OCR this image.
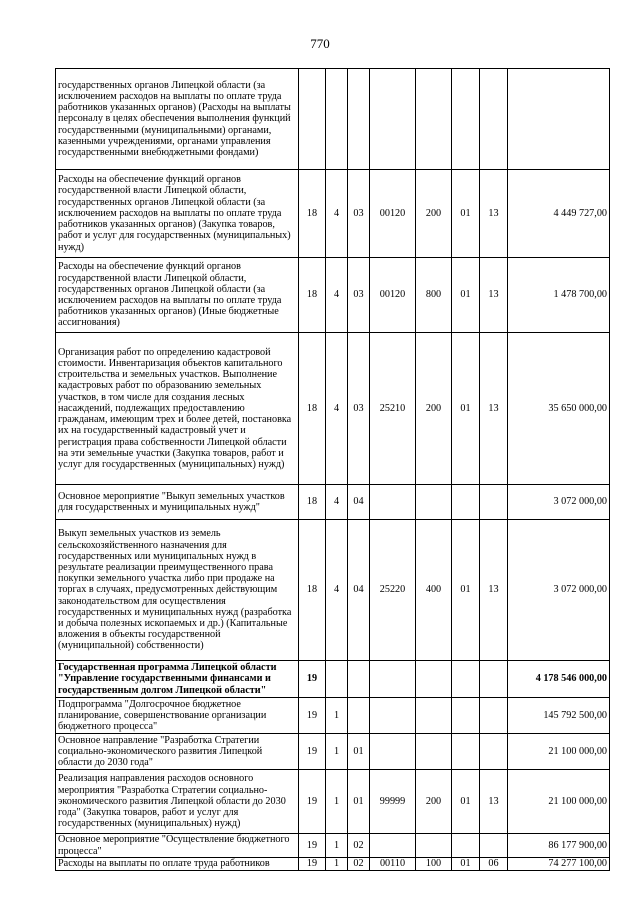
770
государственных органов Липецкой области (за исключением расходов на выплаты по оплате труда работников указанных органов) (Расходы на выплаты персоналу в целях обеспечения выполнения функций государственными (муниципальными) органами, казенными учреждениями, органами управления государственными внебюджетными фондами)								
Расходы на обеспечение функций органов государственной власти Липецкой области, государственных органов Липецкой области (за исключением расходов на выплаты по оплате труда работников указанных органов) (Закупка товаров, работ и услуг для государственных (муниципальных) нужд)	18	4	03	00120	200	01	13	4 449 727,00
Расходы на обеспечение функций органов государственной власти Липецкой области, государственных органов Липецкой области (за исключением расходов на выплаты по оплате труда работников указанных органов) (Иные бюджетные ассигнования)	18	4	03	00120	800	01	13	1 478 700,00
Организация работ по определению кадастровой стоимости. Инвентаризация объектов капитального строительства и земельных участков. Выполнение кадастровых работ по образованию земельных участков, в том числе для создания лесных насаждений, подлежащих предоставлению гражданам, имеющим трех и более детей, постановка их на государственный кадастровый учет и регистрация права собственности Липецкой области на эти земельные участки (Закупка товаров, работ и услуг для государственных (муниципальных) нужд)	18	4	03	25210	200	01	13	35 650 000,00
Основное мероприятие "Выкуп земельных участков для государственных и муниципальных нужд"	18	4	04					3 072 000,00
Выкуп земельных участков из земель сельскохозяйственного назначения для государственных или муниципальных нужд в результате реализации преимущественного права покупки земельного участка либо при продаже на торгах в случаях, предусмотренных действующим законодательством для осуществления государственных и муниципальных нужд (разработка и добыча полезных ископаемых и др.) (Капитальные вложения в объекты государственной (муниципальной) собственности)	18	4	04	25220	400	01	13	3 072 000,00
Государственная программа Липецкой области "Управление государственными финансами и государственным долгом Липецкой области"	19							4 178 546 000,00
Подпрограмма "Долгосрочное бюджетное планирование, совершенствование организации бюджетного процесса"	19	1						145 792 500,00
Основное направление "Разработка Стратегии социально-экономического развития Липецкой области до 2030 года"	19	1	01					21 100 000,00
Реализация направления расходов основного мероприятия "Разработка Стратегии социально-экономического развития Липецкой области до 2030 года" (Закупка товаров, работ и услуг для государственных (муниципальных) нужд)	19	1	01	99999	200	01	13	21 100 000,00
Основное мероприятие "Осуществление бюджетного процесса"	19	1	02					86 177 900,00
Расходы на выплаты по оплате труда работников	19	1	02	00110	100	01	06	74 277 100,00
